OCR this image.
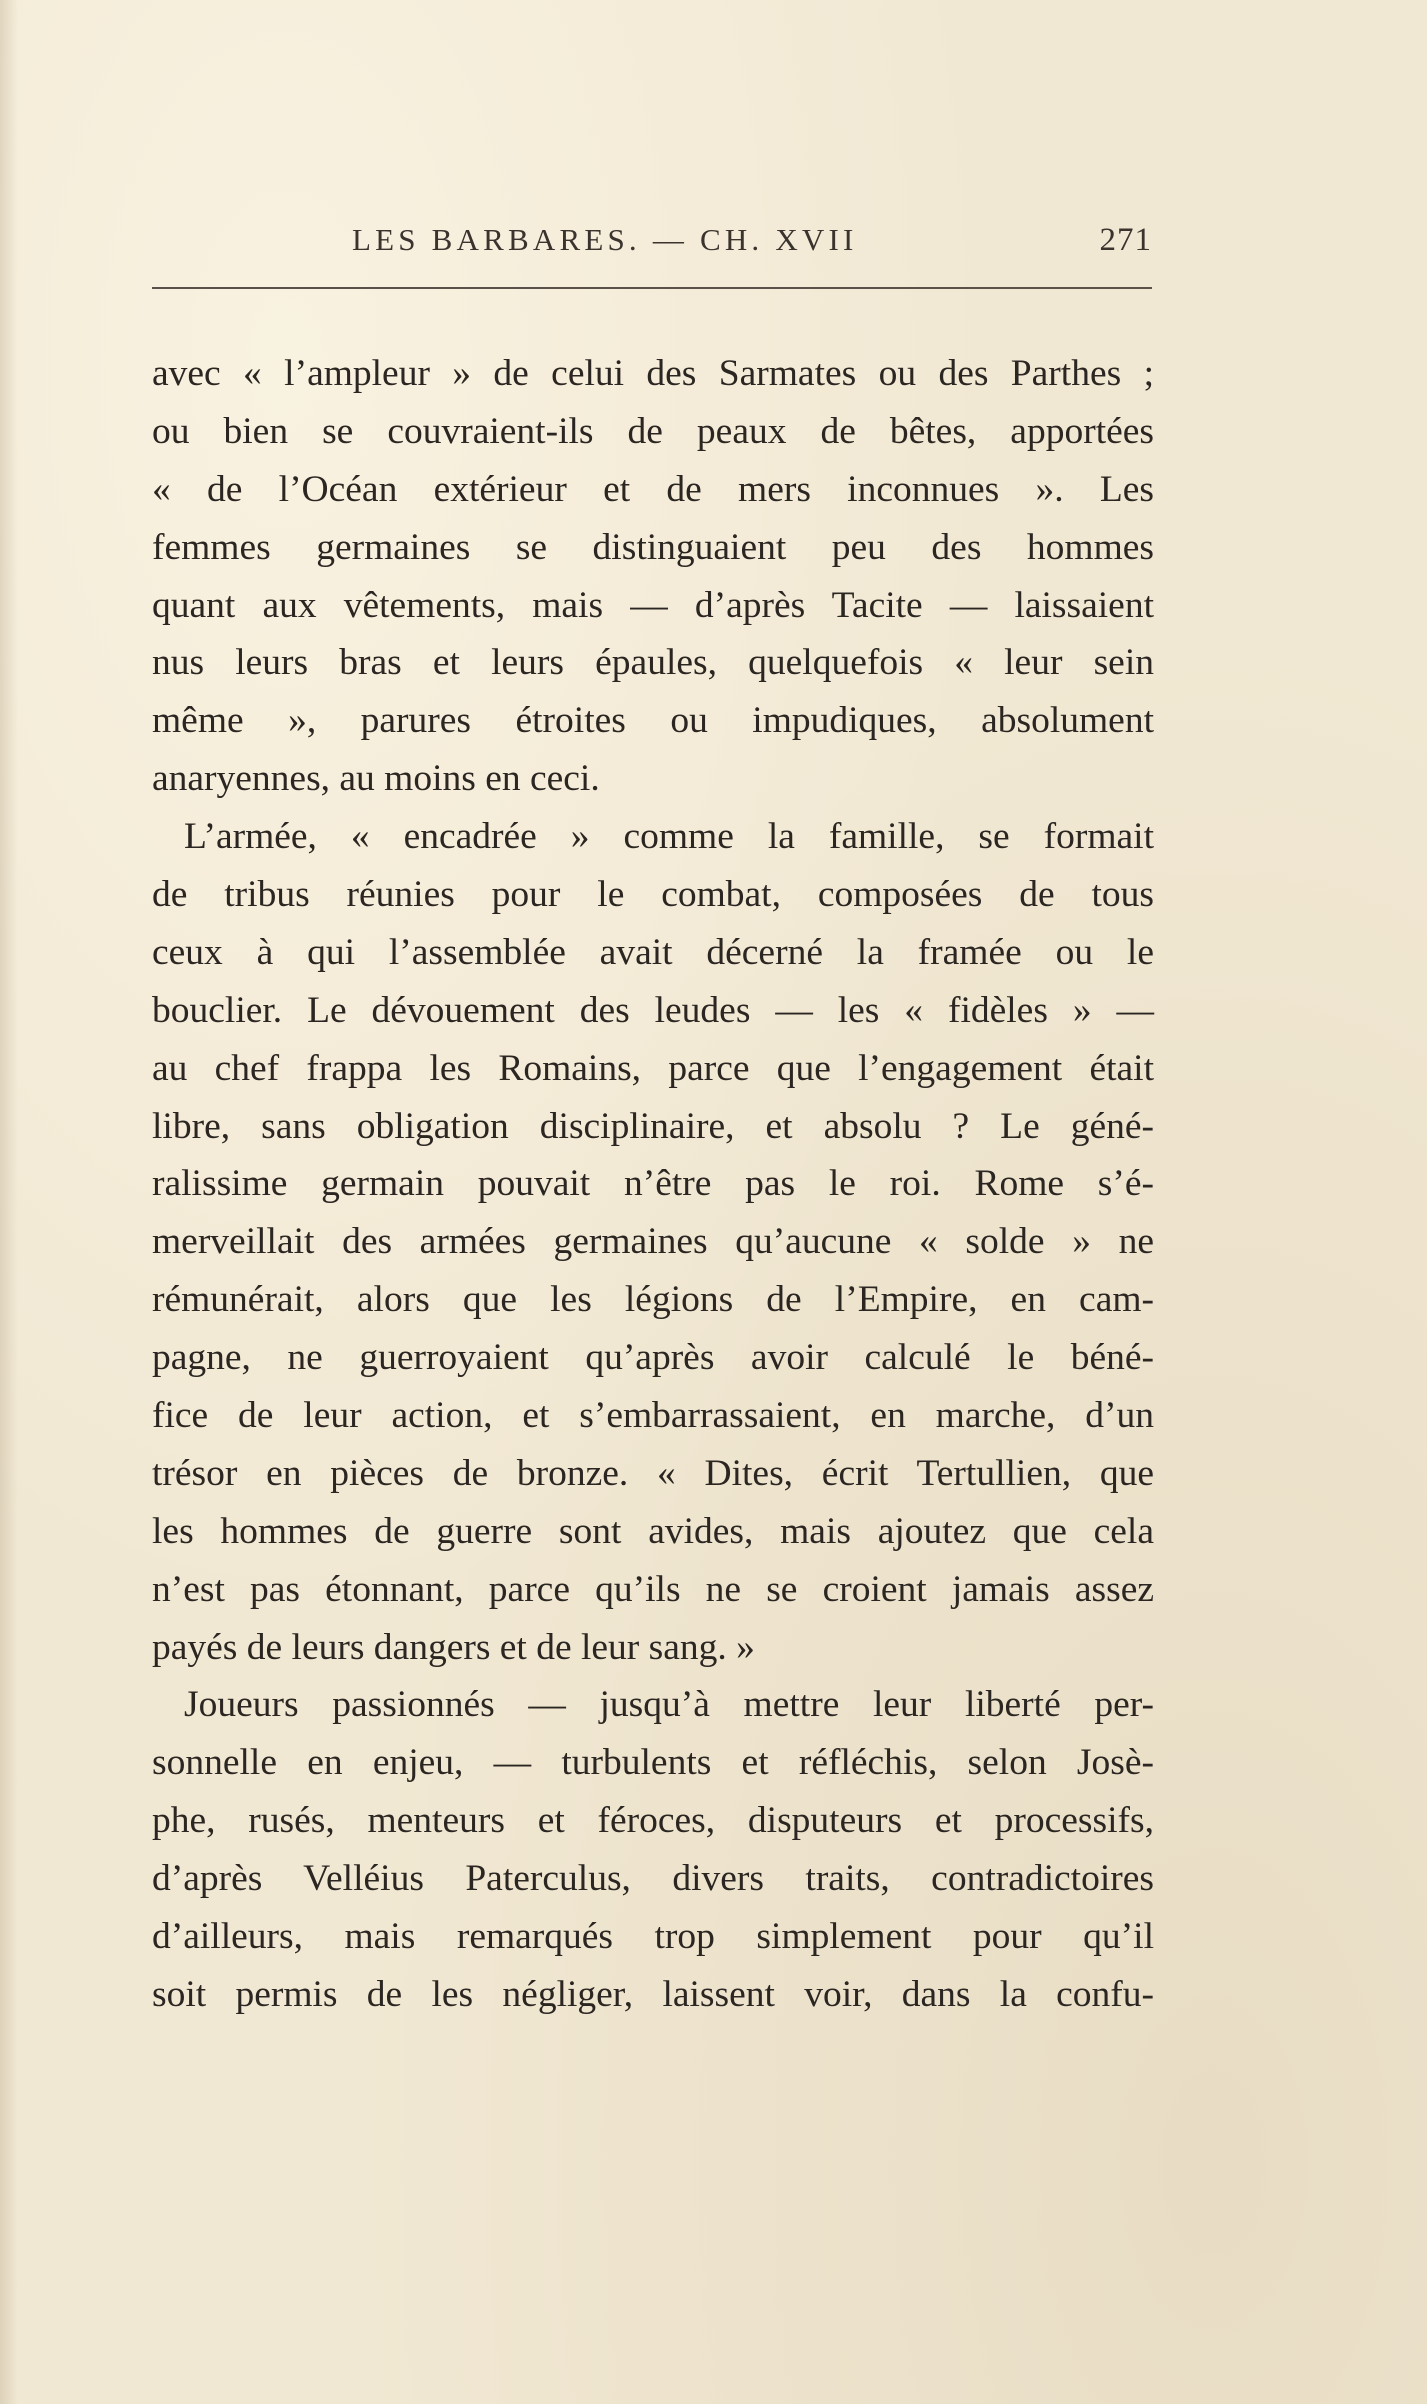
LES BARBARES. — CH. XVII	271
avec « l’ampleur » de celui des Sarmates ou des Parthes ;
ou bien se couvraient-ils de peaux de bêtes, apportées
« de l’Océan extérieur et de mers inconnues ». Les
femmes germaines se distinguaient peu des hommes
quant aux vêtements, mais — d’après Tacite — laissaient
nus leurs bras et leurs épaules, quelquefois « leur sein
même », parures étroites ou impudiques, absolument
anaryennes, au moins en ceci.
L’armée, « encadrée » comme la famille, se formait
de tribus réunies pour le combat, composées de tous
ceux à qui l’assemblée avait décerné la framée ou le
bouclier. Le dévouement des leudes — les « fidèles » —
au chef frappa les Romains, parce que l’engagement était
libre, sans obligation disciplinaire, et absolu ? Le géné-
ralissime germain pouvait n’être pas le roi. Rome s’é-
merveillait des armées germaines qu’aucune « solde » ne
rémunérait, alors que les légions de l’Empire, en cam-
pagne, ne guerroyaient qu’après avoir calculé le béné-
fice de leur action, et s’embarrassaient, en marche, d’un
trésor en pièces de bronze. « Dites, écrit Tertullien, que
les hommes de guerre sont avides, mais ajoutez que cela
n’est pas étonnant, parce qu’ils ne se croient jamais assez
payés de leurs dangers et de leur sang. »
Joueurs passionnés — jusqu’à mettre leur liberté per-
sonnelle en enjeu, — turbulents et réfléchis, selon Josè-
phe, rusés, menteurs et féroces, disputeurs et processifs,
d’après Velléius Paterculus, divers traits, contradictoires
d’ailleurs, mais remarqués trop simplement pour qu’il
soit permis de les négliger, laissent voir, dans la confu-
